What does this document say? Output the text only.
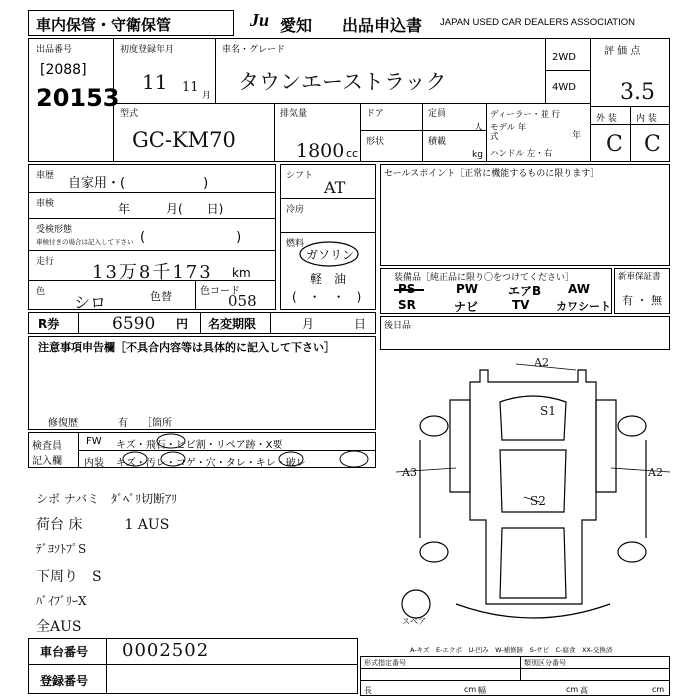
車内保管・守衛保管	Ju 愛知 出品申込書 JAPAN USED CAR DEALERS ASSOCIATION
出品番号
[2088]
20153
初度登録年月
11 11
月
車名・グレード
タウンエーストラック
2WD
4WD
評 価 点
3.5
外 装 内 装
C C
型式
GC-KM70
排気量
1800 cc
ドア
形状
定員
人
積載
kg
ディーラー・並 行
モデル 年 式	年
ハンドル 左・右
車歴 自家用・(　　　　　　)
車検	年　　　月(　　日)
受検形態
車検付きの場合は記入して下さい (　　　　　　　)
走行 13万8千173 km
色
シロ	色替	色コード
058
シフト
AT
冷房
燃料
ガソリン
軽　油
(　・　・　)
セールスポイント［正常に機能するものに限ります］
装備品［純正品に限り〇をつけてください］
PS	PW エアB AW
SR	ナビ	TV カワシート
新車保証書
有 ・ 無
R券	6590 円 名変期限	月	日 後日品
注意事項申告欄［不具合内容等は具体的に記入して下さい］
修復歴	有 ［箇所
検査員
記入欄
FW キズ・飛石・ヒビ割・リペア跡・X要
内装 キズ・汚レ・コゲ・穴・タレ・キレ・破レ
シボ ナバミ　ﾀﾞﾍﾞﾘ切断ｱﾘ
荷台 床　　　1 AUS
ﾃﾞﾖｿﾄﾌﾟS
下周り　S
ﾊﾞｲﾌﾞﾘｰX
全AUS
車台番号 0002502
登録番号
A2
S1
S2
A3	A2
スペア
A-キズ　E-エクボ　U-凹み　W-補修跡　S-サビ　C-腐食　XX-交換済
形式指定番号	類別区分番号
長	cm 幅	cm 高	cm
